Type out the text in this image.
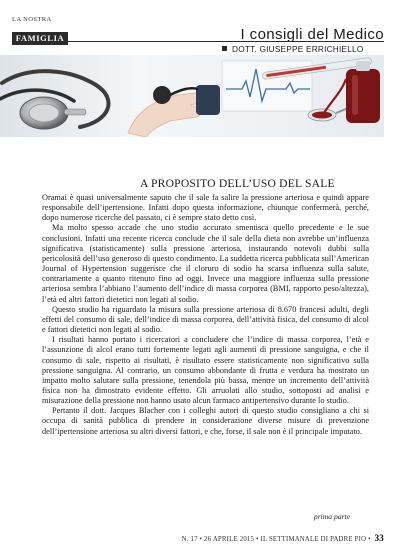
LA NOSTRA
FAMIGLIA	I consigli del Medico
DOTT. GIUSEPPE ERRICHIELLO
A PROPOSITO DELL’USO DEL SALE

Oramai è quasi universalmente saputo che il sale fa salire la pressione arteriosa e quindi appare responsabile dell’ipertensione. Infatti dopo questa informazione, chiunque confermerà, perché, dopo numerose ricerche del passato, ci è sempre stato detto così.

Ma molto spesso accade che uno studio accurato smentisca quello precedente e le sue conclusioni. Infatti una recente ricerca conclude che il sale della dieta non avrebbe un’influenza significativa (statisticamente) sulla pressione arteriosa, instaurando notevoli dubbi sulla pericolosità dell’uso generoso di questo condimento. La suddetta ricerca pubblicata sull’American Journal of Hypertension suggerisce che il cloruro di sodio ha scarsa influenza sulla salute, contrariamente a quanto ritenuto fino ad oggi. Invece una maggiore influenza sulla pressione arteriosa sembra l’abbiano l’aumento dell’indice di massa corporea (BMI, rapporto peso/altezza), l’età ed altri fattori dietetici non legati al sodio.

Questo studio ha riguardato la misura sulla pressione arteriosa di 8.670 francesi adulti, degli effetti del consumo di sale, dell’indice di massa corporea, dell’attività fisica, del consumo di alcol e fattori dietetici non legati al sodio.

I risultati hanno portato i ricercatori a concludere che l’indice di massa corporea, l’età e l’assunzione di alcol erano tutti fortemente legati agli aumenti di pressione sanguigna, e che il consumo di sale, rispetto ai risultati, è risultato essere statisticamente non significativo sulla pressione sanguigna. Al contrario, un consumo abbondante di frutta e verdura ha mostrato un impatto molto salutare sulla pressione, tenendola più bassa, mentre un incremento dell’attività fisica non ha dimostrato evidente effetto. Gli arruolati allo studio, sottoposti ad analisi e misurazione della pressione non hanno usato alcun farmaco antipertensivo durante lo studio.

Pertanto il dott. Jacques Blacher con i colleghi autori di questo studio consigliano a chi si occupa di sanità pubblica di prendere in considerazione diverse misure di prevenzione dell’ipertensione arteriosa su altri diversi fattori, e che, forse, il sale non è il principale imputato.

prima parte
N. 17 • 26 APRILE 2015 • IL SETTIMANALE DI PADRE PIO • 33
